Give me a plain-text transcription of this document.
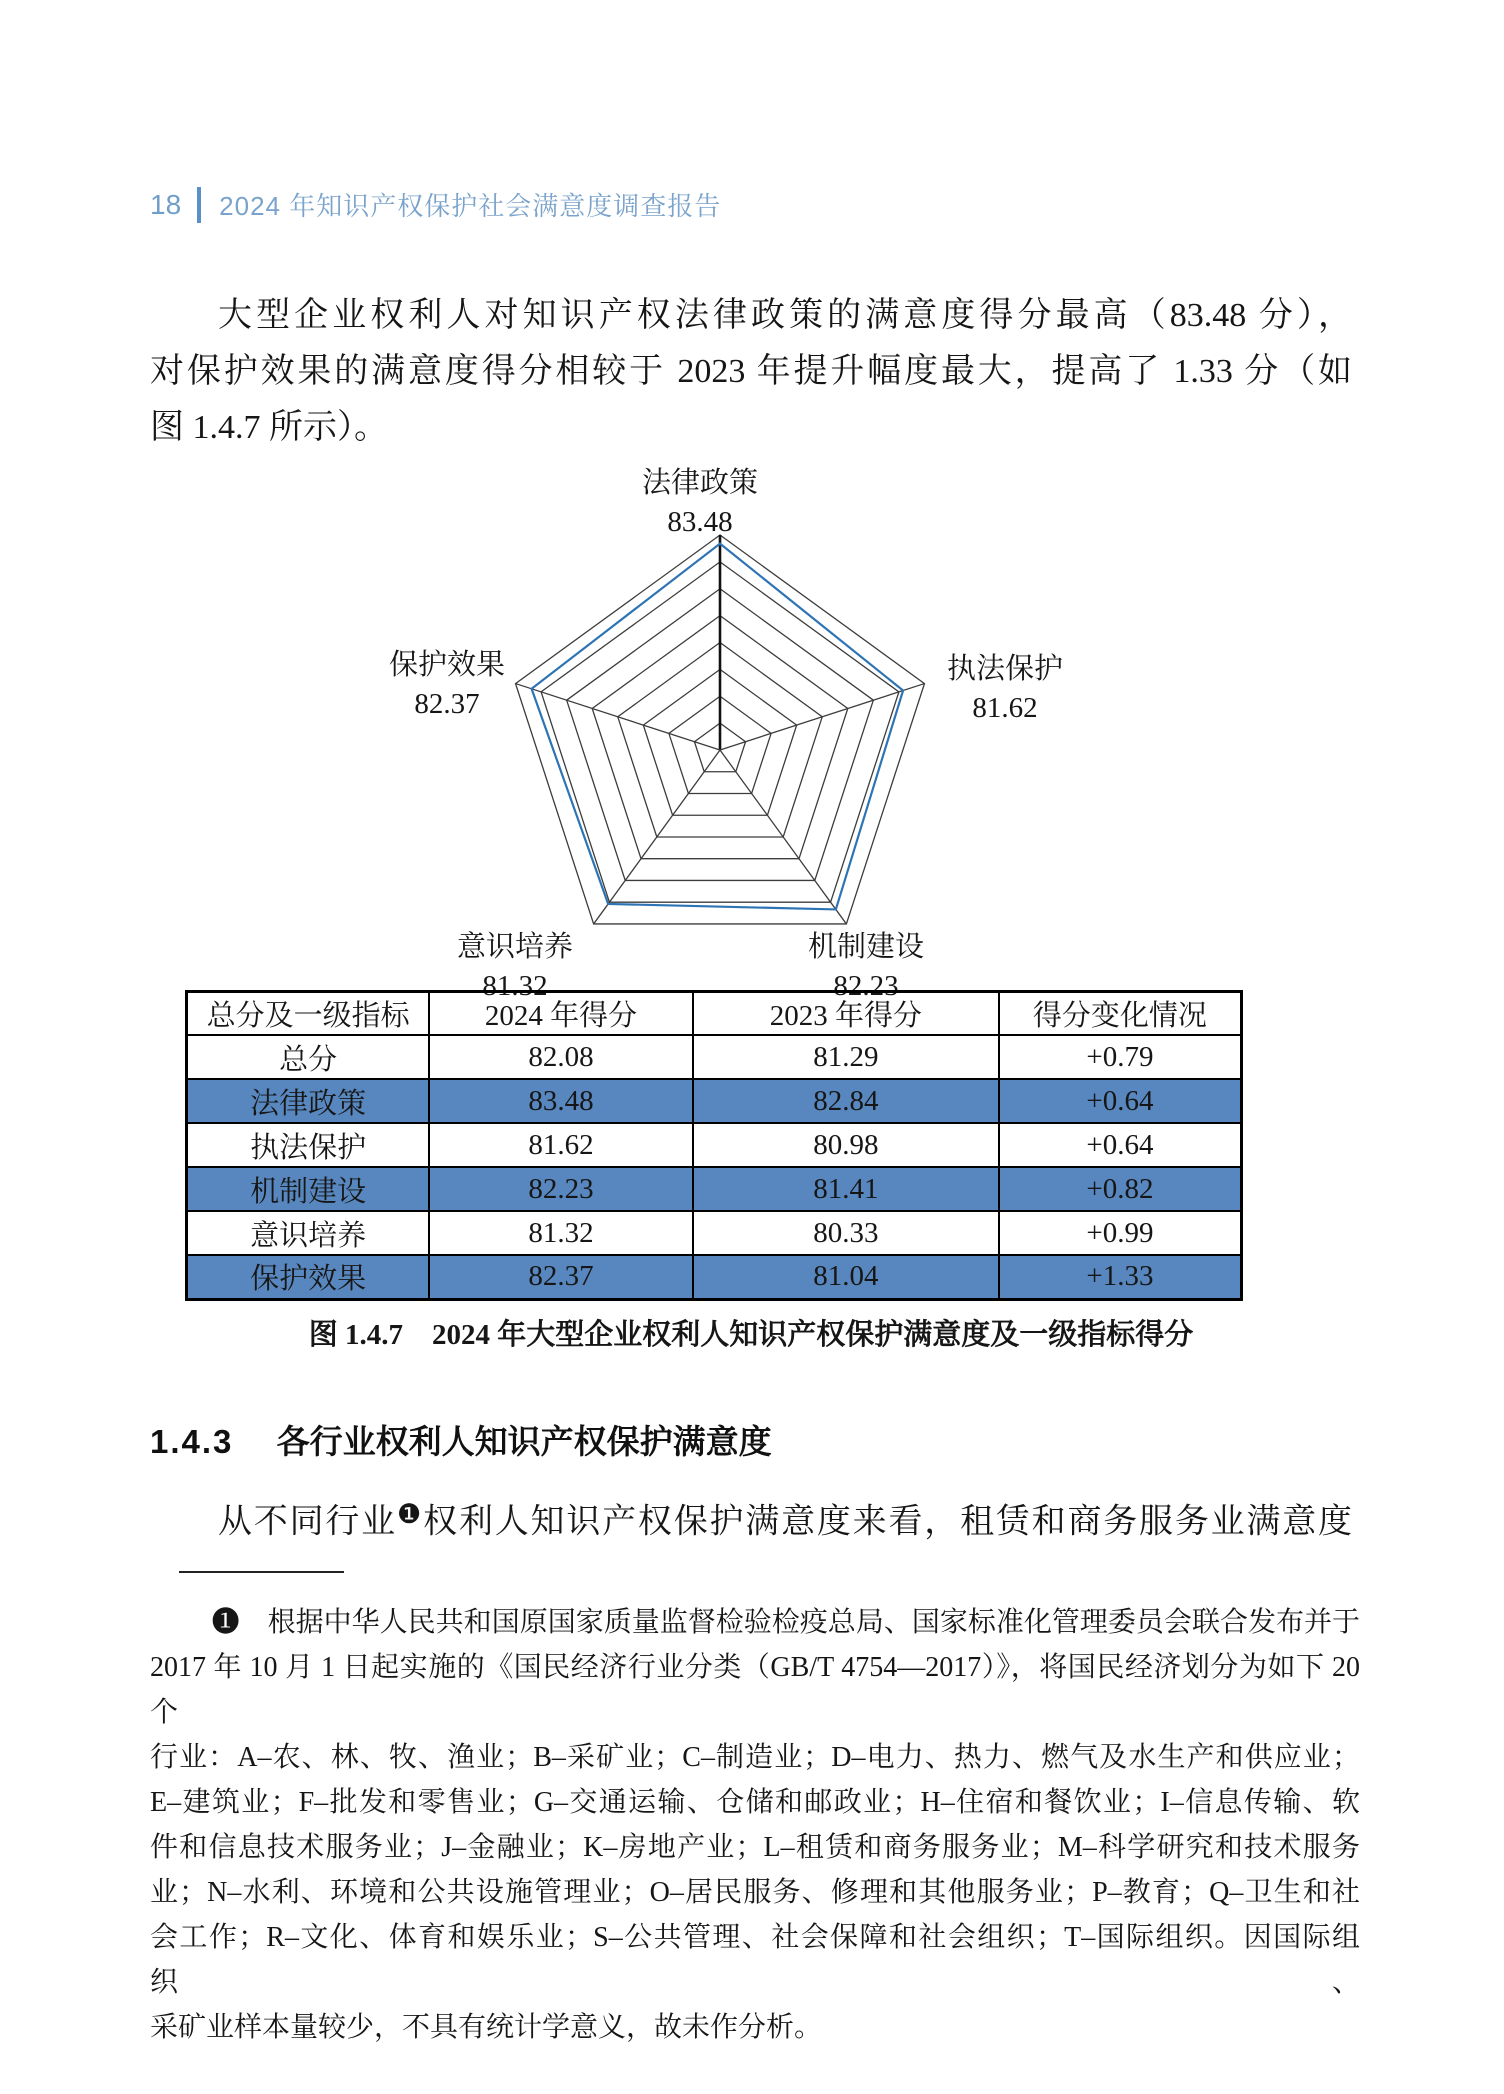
18 2024 年知识产权保护社会满意度调查报告
大型企业权利人对知识产权法律政策的满意度得分最高（83.48 分），
对保护效果的满意度得分相较于 2023 年提升幅度最大，提高了 1.33 分（如
图 1.4.7 所示）。
法律政策
83.48
执法保护
81.62
机制建设
82.23
意识培养
81.32
保护效果
82.37
总分及一级指标	2024 年得分	2023 年得分	得分变化情况
总分	82.08	81.29	+0.79
法律政策	83.48	82.84	+0.64
执法保护	81.62	80.98	+0.64
机制建设	82.23	81.41	+0.82
意识培养	81.32	80.33	+0.99
保护效果	82.37	81.04	+1.33
图 1.4.7　2024 年大型企业权利人知识产权保护满意度及一级指标得分
1.4.3 各行业权利人知识产权保护满意度
从不同行业$^❶$权利人知识产权保护满意度来看，租赁和商务服务业满意度
❶　根据中华人民共和国原国家质量监督检验检疫总局、国家标准化管理委员会联合发布并于
2017 年 10 月 1 日起实施的《国民经济行业分类（GB/T 4754—2017）》，将国民经济划分为如下 20 个
行业：A–农、林、牧、渔业；B–采矿业；C–制造业；D–电力、热力、燃气及水生产和供应业；
E–建筑业；F–批发和零售业；G–交通运输、仓储和邮政业；H–住宿和餐饮业；I–信息传输、软
件和信息技术服务业；J–金融业；K–房地产业；L–租赁和商务服务业；M–科学研究和技术服务
业；N–水利、环境和公共设施管理业；O–居民服务、修理和其他服务业；P–教育；Q–卫生和社
会工作；R–文化、体育和娱乐业；S–公共管理、社会保障和社会组织；T–国际组织。因国际组织、
采矿业样本量较少，不具有统计学意义，故未作分析。
